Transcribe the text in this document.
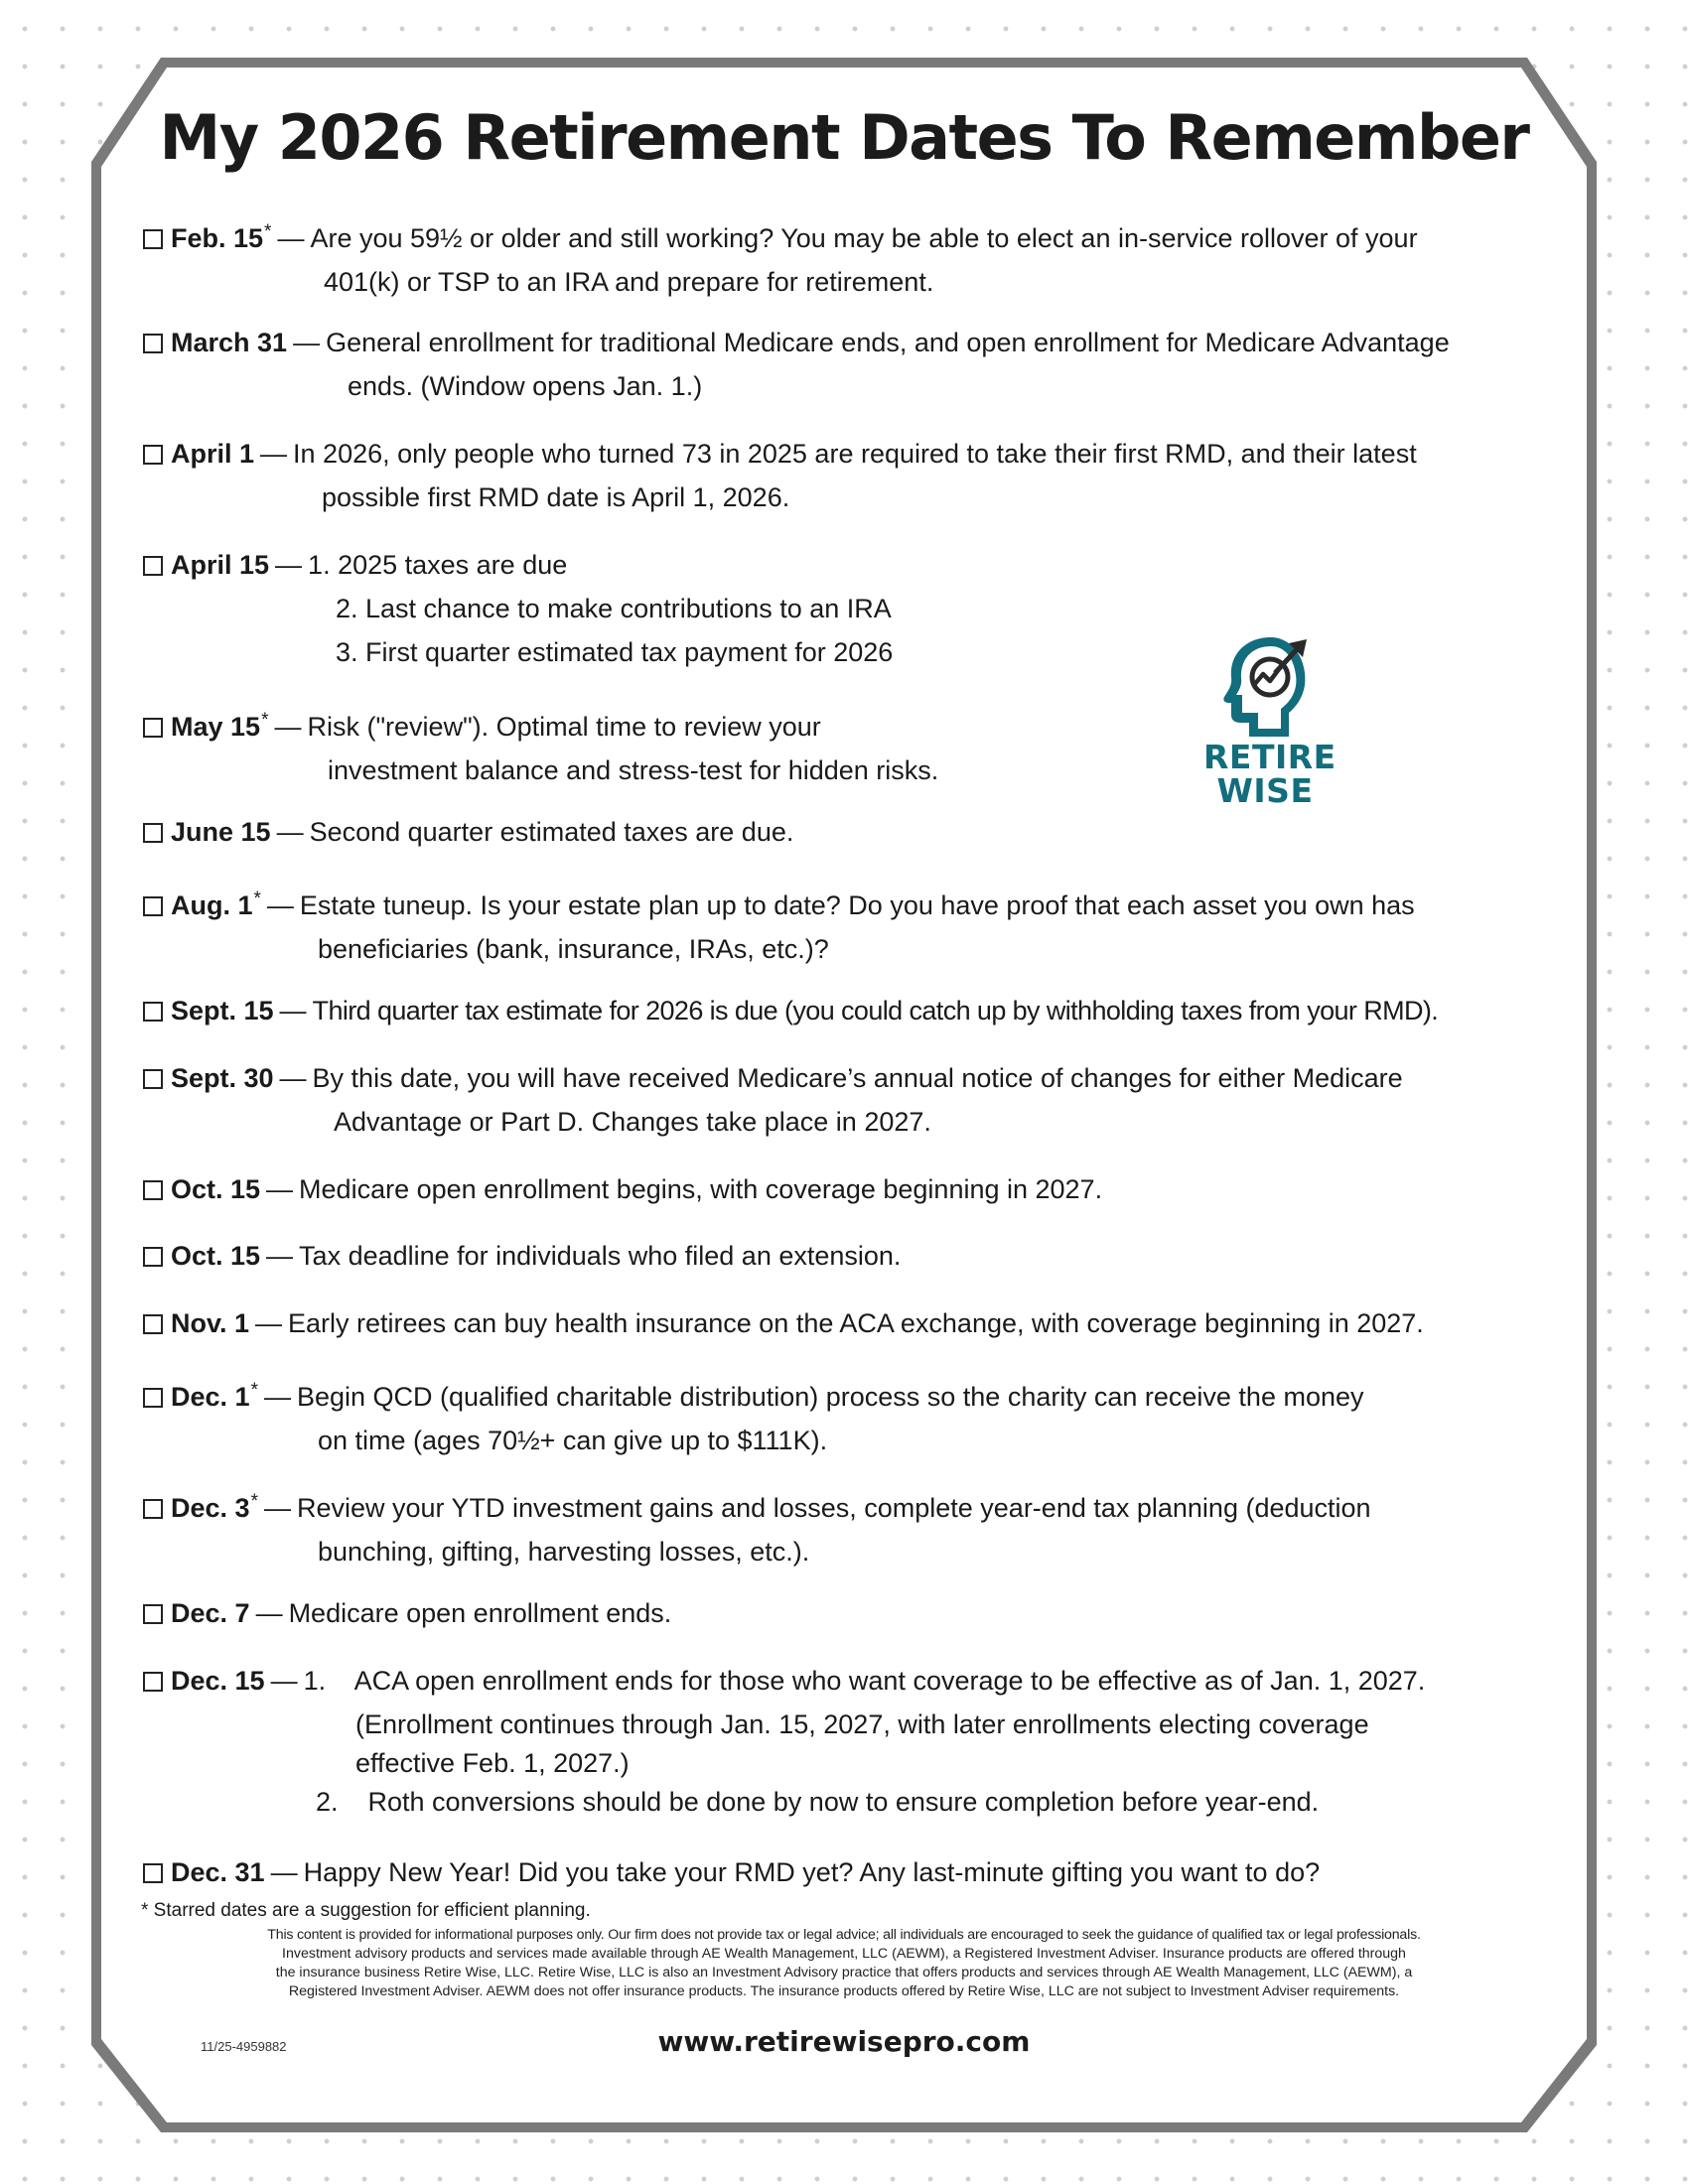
My 2026 Retirement Dates To Remember
Feb. 15* — Are you 59½ or older and still working? You may be able to elect an in-service rollover of your
401(k) or TSP to an IRA and prepare for retirement.
March 31 — General enrollment for traditional Medicare ends, and open enrollment for Medicare Advantage
ends. (Window opens Jan. 1.)
April 1 — In 2026, only people who turned 73 in 2025 are required to take their first RMD, and their latest
possible first RMD date is April 1, 2026.
April 15 — 1. 2025 taxes are due
2. Last chance to make contributions to an IRA
3. First quarter estimated tax payment for 2026
May 15* — Risk ("review"). Optimal time to review your
investment balance and stress-test for hidden risks.
June 15 — Second quarter estimated taxes are due.
Aug. 1* — Estate tuneup. Is your estate plan up to date? Do you have proof that each asset you own has
beneficiaries (bank, insurance, IRAs, etc.)?
Sept. 15 — Third quarter tax estimate for 2026 is due (you could catch up by withholding taxes from your RMD).
Sept. 30 — By this date, you will have received Medicare’s annual notice of changes for either Medicare
Advantage or Part D. Changes take place in 2027.
Oct. 15 — Medicare open enrollment begins, with coverage beginning in 2027.
Oct. 15 — Tax deadline for individuals who filed an extension.
Nov. 1 — Early retirees can buy health insurance on the ACA exchange, with coverage beginning in 2027.
Dec. 1* — Begin QCD (qualified charitable distribution) process so the charity can receive the money
on time (ages 70½+ can give up to $111K).
Dec. 3* — Review your YTD investment gains and losses, complete year-end tax planning (deduction
bunching, gifting, harvesting losses, etc.).
Dec. 7 — Medicare open enrollment ends.
Dec. 15 — 1.    ACA open enrollment ends for those who want coverage to be effective as of Jan. 1, 2027.
(Enrollment continues through Jan. 15, 2027, with later enrollments electing coverage
effective Feb. 1, 2027.)
2.    Roth conversions should be done by now to ensure completion before year-end.
Dec. 31 — Happy New Year! Did you take your RMD yet? Any last-minute gifting you want to do?
RETIRE
WISE
* Starred dates are a suggestion for efficient planning.
This content is provided for informational purposes only. Our firm does not provide tax or legal advice; all individuals are encouraged to seek the guidance of qualified tax or legal professionals.
Investment advisory products and services made available through AE Wealth Management, LLC (AEWM), a Registered Investment Adviser. Insurance products are offered through
the insurance business Retire Wise, LLC. Retire Wise, LLC is also an Investment Advisory practice that offers products and services through AE Wealth Management, LLC (AEWM), a
Registered Investment Adviser. AEWM does not offer insurance products. The insurance products offered by Retire Wise, LLC are not subject to Investment Adviser requirements.
11/25-4959882	www.retirewisepro.com
